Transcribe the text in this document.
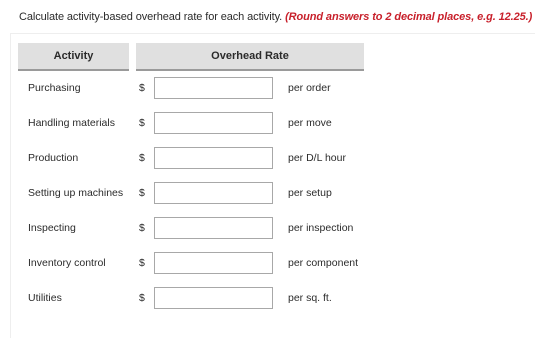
Calculate activity-based overhead rate for each activity. (Round answers to 2 decimal places, e.g. 12.25.)
Activity	Overhead Rate
Purchasing	$	per order
Handling materials $	per move
Production	$	per D/L hour
Setting up machines $	per setup
Inspecting	$	per inspection
Inventory control	$	per component
Utilities	$	per sq. ft.
